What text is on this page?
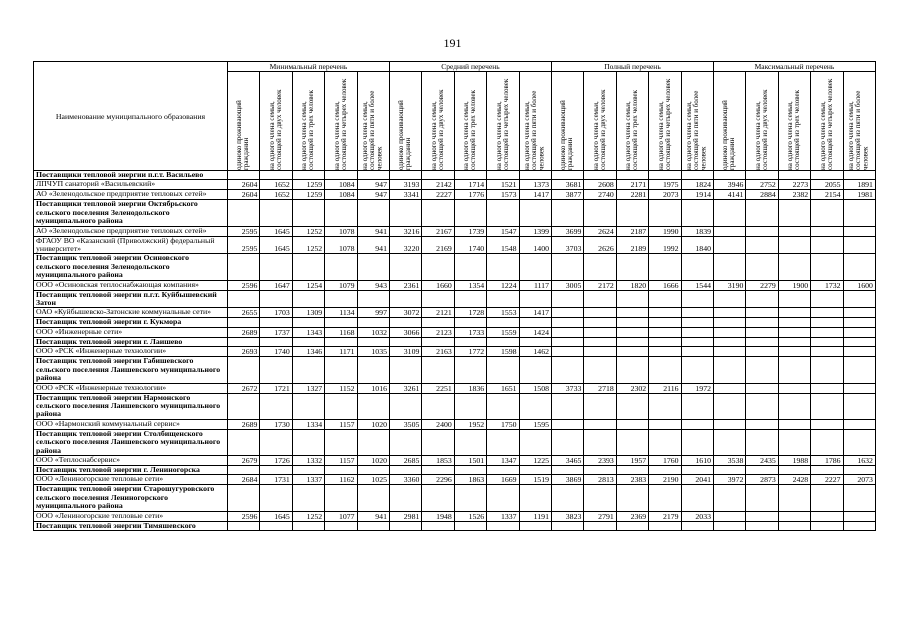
191
Наименование муниципального образования	Минимальный перечень					Средний перечень					Полный перечень					Максимальный перечень				

	одиноко проживающий гражданин	на одного члена семьи, состоящей из двух человек	на одного члена семьи, состоящей из трех человек	на одного члена семьи, состоящей из четырех человек	на одного члена семьи, состоящей из пяти и более человек	одиноко проживающий гражданин	на одного члена семьи, состоящей из двух человек	на одного члена семьи, состоящей из трех человек	на одного члена семьи, состоящей из четырех человек	на одного члена семьи, состоящей из пяти и более человек	одиноко проживающий гражданин	на одного члена семьи, состоящей из двух человек	на одного члена семьи, состоящей из трех человек	на одного члена семьи, состоящей из четырех человек	на одного члена семьи, состоящей из пяти и более человек	одиноко проживающий гражданин	на одного члена семьи, состоящей из двух человек	на одного члена семьи, состоящей из трех человек	на одного члена семьи, состоящей из четырех человек	на одного члена семьи, состоящей из пяти и более человек

Поставщики тепловой энергии п.г.т. Васильево																				
ЛПЧУП санаторий «Васильевский»	2604	1652	1259	1084	947	3193	2142	1714	1521	1373	3681	2608	2171	1975	1824	3946	2752	2273	2055	1891
АО «Зеленодольское предприятие тепловых сетей»	2604	1652	1259	1084	947	3341	2227	1776	1573	1417	3877	2740	2281	2073	1914	4141	2884	2382	2154	1981
Поставщики тепловой энергии Октябрьского сельского поселения Зеленодольского муниципального района																				
АО «Зеленодольское предприятие тепловых сетей»	2595	1645	1252	1078	941	3216	2167	1739	1547	1399	3699	2624	2187	1990	1839					
ФГАОУ ВО «Казанский (Приволжский) федеральный университет»	2595	1645	1252	1078	941	3220	2169	1740	1548	1400	3703	2626	2189	1992	1840					
Поставщик тепловой энергии Осиновского сельского поселения Зеленодольского муниципального района																				
ООО «Осиновская теплоснабжающая компания»	2596	1647	1254	1079	943	2361	1660	1354	1224	1117	3005	2172	1820	1666	1544	3190	2279	1900	1732	1600
Поставщик тепловой энергии п.г.т. Куйбышевский Затон																				
ОАО «Куйбышевско-Затонские коммунальные сети»	2655	1703	1309	1134	997	3072	2121	1728	1553	1417										
Поставщик тепловой энергии г. Кукмора																				
ООО «Инженерные сети»	2689	1737	1343	1168	1032	3066	2123	1733	1559	1424										
Поставщик тепловой энергии г. Лаишево																				
ООО «РСК «Инженерные технологии»	2693	1740	1346	1171	1035	3109	2163	1772	1598	1462										
Поставщик тепловой энергии Габишевского сельского поселения Лаишевского муниципального района																				
ООО «РСК «Инженерные технологии»	2672	1721	1327	1152	1016	3261	2251	1836	1651	1508	3733	2718	2302	2116	1972					
Поставщик тепловой энергии Нармонского сельского поселения Лаишевского муниципального района																				
ООО «Нармонский коммунальный сервис»	2689	1730	1334	1157	1020	3505	2400	1952	1750	1595										
Поставщик тепловой энергии Столбищенского сельского поселения Лаишевского муниципального района																				
ООО «Теплоснабсервис»	2679	1726	1332	1157	1020	2685	1853	1501	1347	1225	3465	2393	1957	1760	1610	3538	2435	1988	1786	1632
Поставщик тепловой энергии г. Лениногорска																				
ООО «Лениногорские тепловые сети»	2684	1731	1337	1162	1025	3360	2296	1863	1669	1519	3869	2813	2383	2190	2041	3972	2873	2428	2227	2073
Поставщик тепловой энергии Старошугуровского сельского поселения Лениногорского муниципального района																				
ООО «Лениногорские тепловые сети»	2596	1645	1252	1077	941	2981	1948	1526	1337	1191	3823	2791	2369	2179	2033					
Поставщик тепловой энергии Тимяшевского																				
